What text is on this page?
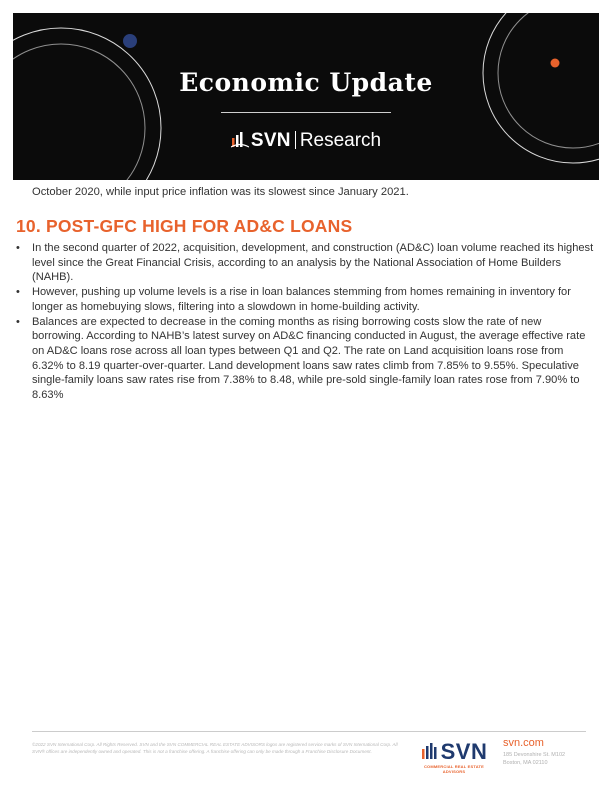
Economic Update
SVN Research
October 2020, while input price inflation was its slowest since January 2021.
10. POST-GFC HIGH FOR AD&C LOANS
• In the second quarter of 2022, acquisition, development, and construction (AD&C) loan volume reached its highest level since the Great Financial Crisis, according to an analysis by the National Association of Home Builders (NAHB).
• However, pushing up volume levels is a rise in loan balances stemming from homes remaining in inventory for longer as homebuying slows, filtering into a slowdown in home-building activity.
• Balances are expected to decrease in the coming months as rising borrowing costs slow the rate of new borrowing. According to NAHB’s latest survey on AD&C financing conducted in August, the average effective rate on AD&C loans rose across all loan types between Q1 and Q2. The rate on Land acquisition loans rose from 6.32% to 8.19 quarter-over-quarter. Land development loans saw rates climb from 7.85% to 9.55%. Speculative single-family loans saw rates rise from 7.38% to 8.48, while pre-sold single-family loan rates rose from 7.90% to 8.63%
©2022 SVN International Corp. All Rights Reserved. SVN and the SVN COMMERCIAL REAL ESTATE ADVISORS logos are registered service marks of SVN International Corp. All SVN® offices are independently owned and operated. This is not a franchise offering. A franchise offering can only be made through a Franchise Disclosure Document.	SVN
COMMERCIAL REAL ESTATE ADVISORS
svn.com
185 Devonshire St. M102
Boston, MA 02110
